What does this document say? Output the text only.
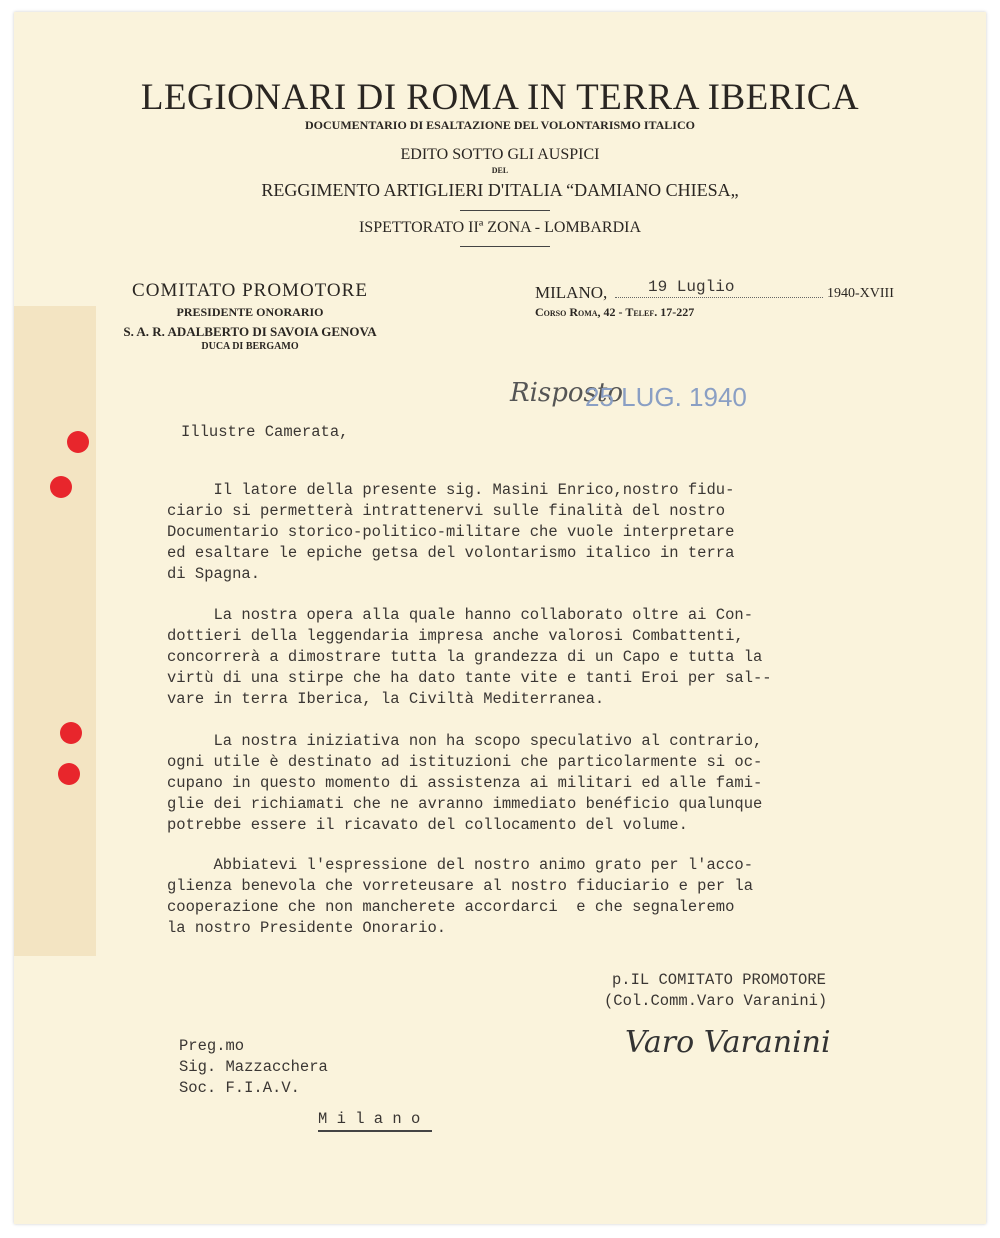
LEGIONARI DI ROMA IN TERRA IBERICA
DOCUMENTARIO DI ESALTAZIONE DEL VOLONTARISMO ITALICO
EDITO SOTTO GLI AUSPICI
DEL
REGGIMENTO ARTIGLIERI D'ITALIA “DAMIANO CHIESA„
ISPETTORATO IIª ZONA - LOMBARDIA
COMITATO PROMOTORE
PRESIDENTE ONORARIO
S. A. R. ADALBERTO DI SAVOIA GENOVA
DUCA DI BERGAMO
MILANO,	19 Luglio	1940-XVIII
Corso Roma, 42 - Telef. 17-227
Risposto
25 LUG. 1940
Illustre Camerata,
Il latore della presente sig. Masini Enrico,nostro fidu-
ciario si permetterà intrattenervi sulle finalità del nostro
Documentario storico-politico-militare che vuole interpretare
ed esaltare le epiche getsa del volontarismo italico in terra
di Spagna.
La nostra opera alla quale hanno collaborato oltre ai Con-
dottieri della leggendaria impresa anche valorosi Combattenti,
concorrerà a dimostrare tutta la grandezza di un Capo e tutta la
virtù di una stirpe che ha dato tante vite e tanti Eroi per sal--
vare in terra Iberica, la Civiltà Mediterranea.
La nostra iniziativa non ha scopo speculativo al contrario,
ogni utile è destinato ad istituzioni che particolarmente si oc-
cupano in questo momento di assistenza ai militari ed alle fami-
glie dei richiamati che ne avranno immediato benéficio qualunque
potrebbe essere il ricavato del collocamento del volume.
Abbiatevi l'espressione del nostro animo grato per l'acco-
glienza benevola che vorreteusare al nostro fiduciario e per la
cooperazione che non mancherete accordarci  e che segnaleremo
la nostro Presidente Onorario.
p.IL COMITATO PROMOTORE
(Col.Comm.Varo Varanini)
Varo Varanini
Preg.mo
Sig. Mazzacchera
Soc. F.I.A.V.
M i l a n o
